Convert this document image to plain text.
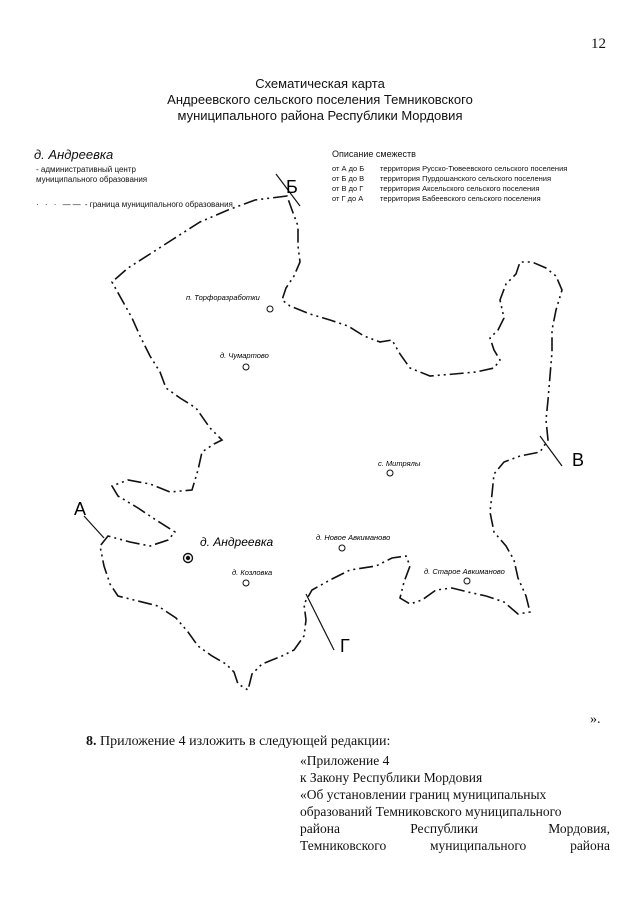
12
Схематическая карта
Андреевского сельского поселения Темниковского
муниципального района Республики Мордовия
д. Андреевка
- административный центр муниципального образования
· · · —— - граница муниципального образования
Описание смежеств
от А до Б территория Русско-Тювеевского сельского поселения
от Б до В территория Пурдошанского сельского поселения
от В до Г территория Аксельского сельского поселения
от Г до А территория Бабеевского сельского поселения
Б
В
Г
А
п. Торфоразработки
д. Чумартово
с. Митрялы
д. Андреевка	д. Новое Авкиманово
д. Козловка	д. Старое Авкиманово
».
8. Приложение 4 изложить в следующей редакции:
«Приложение 4
к Закону Республики Мордовия
«Об установлении границ муниципальных
образований Темниковского муниципального
района	Республики	Мордовия,
Темниковского	муниципального	района
